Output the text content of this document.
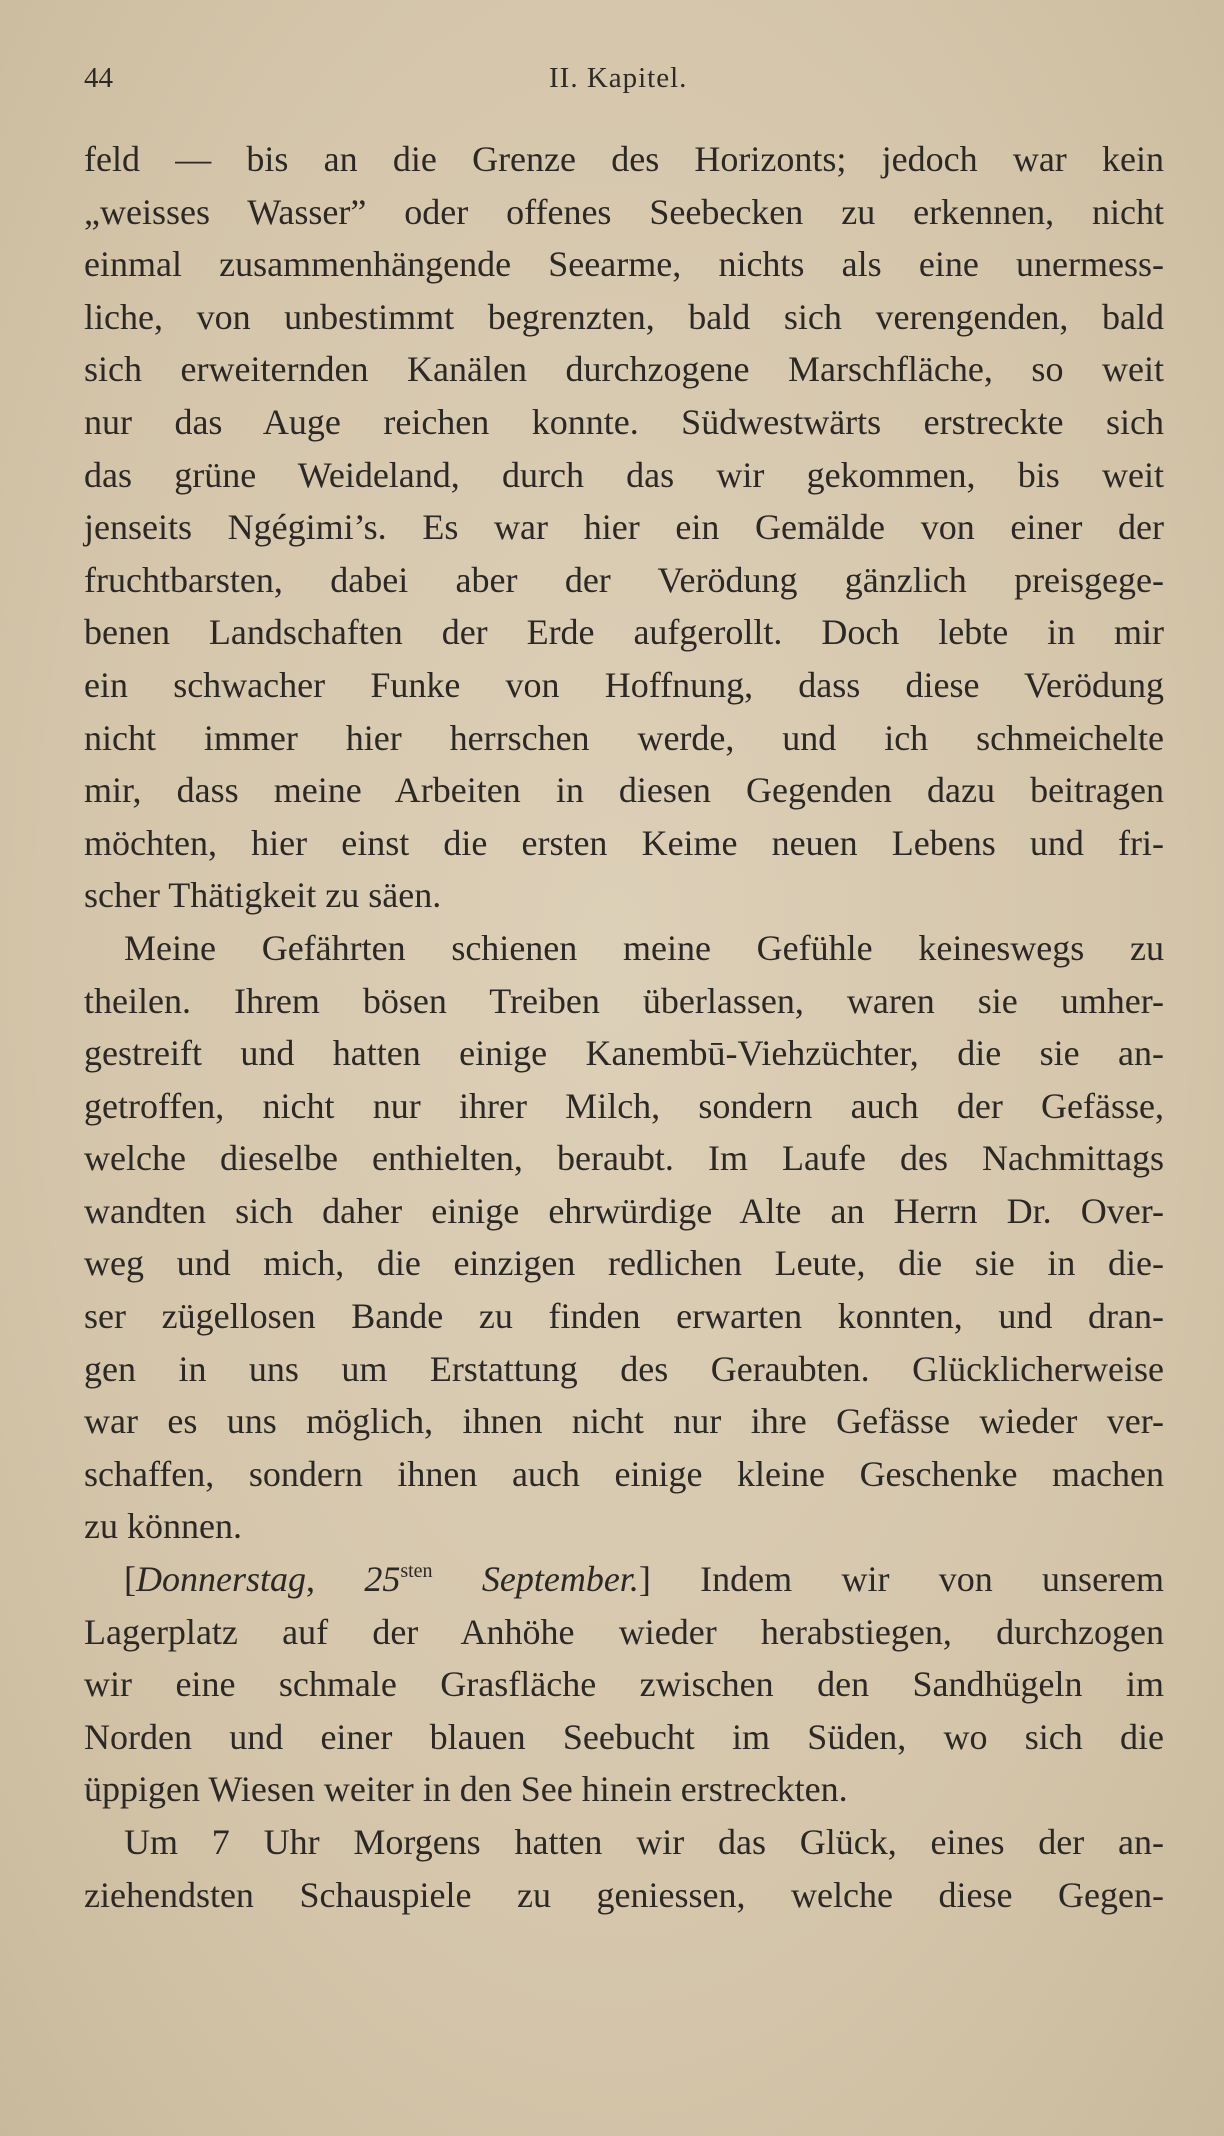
44	II. Kapitel.
feld — bis an die Grenze des Horizonts; jedoch war kein
„weisses Wasser” oder offenes Seebecken zu erkennen, nicht
einmal zusammenhängende Seearme, nichts als eine unermess-
liche, von unbestimmt begrenzten, bald sich verengenden, bald
sich erweiternden Kanälen durchzogene Marschfläche, so weit
nur das Auge reichen konnte. Südwestwärts erstreckte sich
das grüne Weideland, durch das wir gekommen, bis weit
jenseits Ngégimi’s. Es war hier ein Gemälde von einer der
fruchtbarsten, dabei aber der Verödung gänzlich preisgege-
benen Landschaften der Erde aufgerollt. Doch lebte in mir
ein schwacher Funke von Hoffnung, dass diese Verödung
nicht immer hier herrschen werde, und ich schmeichelte
mir, dass meine Arbeiten in diesen Gegenden dazu beitragen
möchten, hier einst die ersten Keime neuen Lebens und fri-
scher Thätigkeit zu säen.
Meine Gefährten schienen meine Gefühle keineswegs zu
theilen. Ihrem bösen Treiben überlassen, waren sie umher-
gestreift und hatten einige Kanembū-Viehzüchter, die sie an-
getroffen, nicht nur ihrer Milch, sondern auch der Gefässe,
welche dieselbe enthielten, beraubt. Im Laufe des Nachmittags
wandten sich daher einige ehrwürdige Alte an Herrn Dr. Over-
weg und mich, die einzigen redlichen Leute, die sie in die-
ser zügellosen Bande zu finden erwarten konnten, und dran-
gen in uns um Erstattung des Geraubten. Glücklicherweise
war es uns möglich, ihnen nicht nur ihre Gefässe wieder ver-
schaffen, sondern ihnen auch einige kleine Geschenke machen
zu können.
[Donnerstag, $25^{sten}$ September.] Indem wir von unserem
Lagerplatz auf der Anhöhe wieder herabstiegen, durchzogen
wir eine schmale Grasfläche zwischen den Sandhügeln im
Norden und einer blauen Seebucht im Süden, wo sich die
üppigen Wiesen weiter in den See hinein erstreckten.
Um 7 Uhr Morgens hatten wir das Glück, eines der an-
ziehendsten Schauspiele zu geniessen, welche diese Gegen-
